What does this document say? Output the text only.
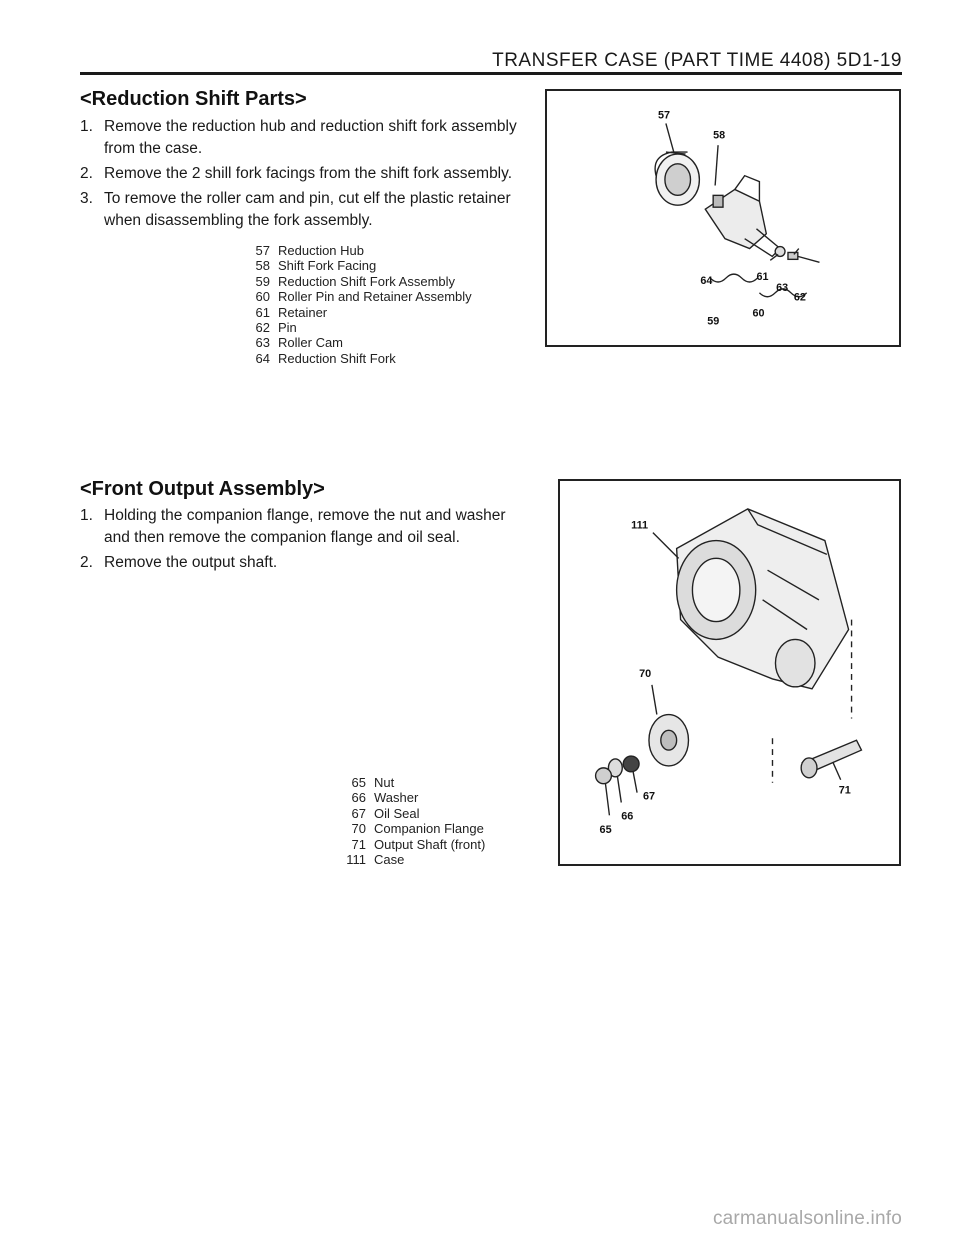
TRANSFER CASE (PART TIME 4408) 5D1-19
<Reduction Shift Parts>
1. Remove the reduction hub and reduction shift fork assembly from the case.
2. Remove the 2 shill fork facings from the shift fork assembly.
3. To remove the roller cam and pin, cut elf the plastic retainer when disassembling the fork assembly.
57 Reduction Hub
58 Shift Fork Facing
59 Reduction Shift Fork Assembly
60 Roller Pin and Retainer Assembly
61 Retainer
62 Pin
63 Roller Cam
64 Reduction Shift Fork
57
58
64	61
63
62
59
60
<Front Output Assembly>
1. Holding the companion flange, remove the nut and washer and then remove the companion flange and oil seal.
2. Remove the output shaft.
65 Nut
66 Washer
67 Oil Seal
70 Companion Flange
71 Output Shaft (front)
111 Case
111
70
67
66
65
71
carmanualsonline.info
